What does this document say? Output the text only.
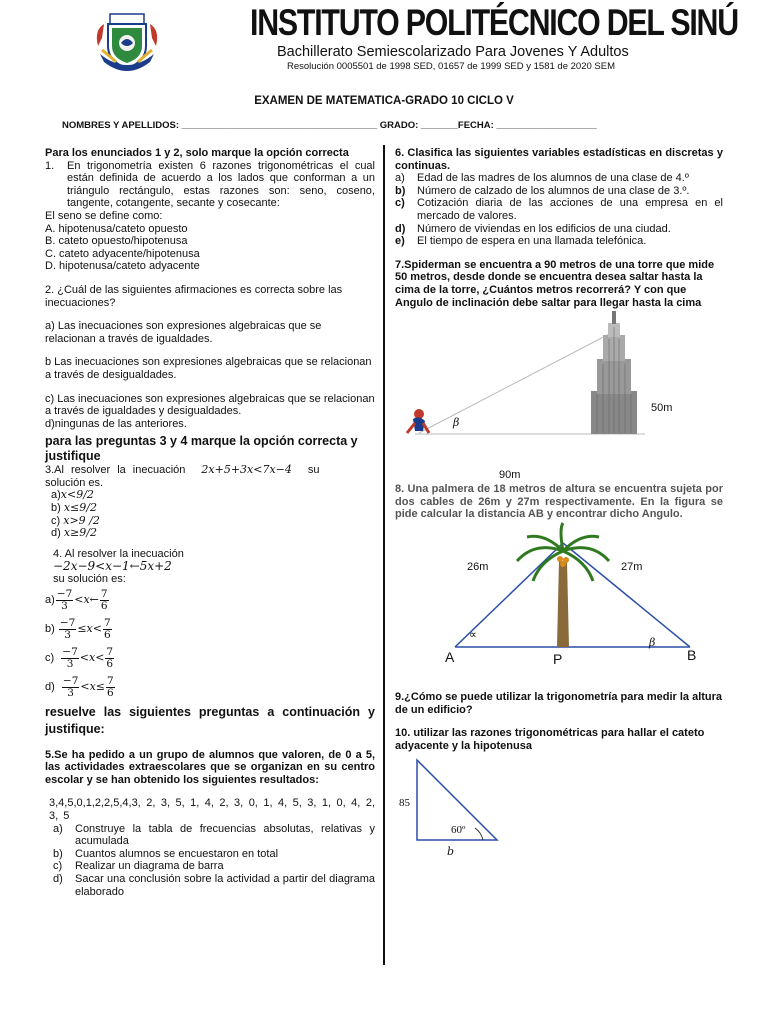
INSTITUTO POLITÉCNICO DEL SINÚ
Bachillerato Semiescolarizado Para Jovenes Y Adultos
Resolución 0005501 de 1998 SED, 01657 de 1999 SED y 1581 de 2020 SEM
EXAMEN DE MATEMATICA-GRADO 10 CICLO V
NOMBRES Y APELLIDOS: _____________________________________ GRADO: _______FECHA: ___________________

Para los enunciados 1 y 2, solo marque la opción correcta

1.	En trigonometría existen 6 razones trigonométricas el cual están definida de acuerdo a los lados que conforman a un triángulo rectángulo, estas razones son: seno, coseno, tangente, cotangente, secante y cosecante:

El seno se define como:

A. hipotenusa/cateto opuesto

B. cateto opuesto/hipotenusa

C. cateto adyacente/hipotenusa

D. hipotenusa/cateto adyacente

2. ¿Cuál de las siguientes afirmaciones es correcta sobre las inecuaciones?

a) Las inecuaciones son expresiones algebraicas que se relacionan a través de igualdades.

b Las inecuaciones son expresiones algebraicas que se relacionan a través de desigualdades.

c) Las inecuaciones son expresiones algebraicas que se relacionan a través de igualdades y desigualdades.

d)ningunas de las anteriores.

para las preguntas 3 y 4 marque la opción correcta y justifique

3.Al resolver la inecuación 2x+5+3x<7x−4 su

solución es.

a)x<9/2

b) x≤9/2

c) x>9 /2

d) x≥9/2

4. Al resolver la inecuación

−2x−9<x−1←5x+2

su solución es:

$a) \frac{-7}{3}$ <x← $\frac{7}{6}$
b)
$\frac{-7}{3} \le x< \frac{7}{6}$
c)
$\frac{-7}{3} <x< \frac{7}{6}$
d)
$\frac{-7}{3} <x\le \frac{7}{6}$

resuelve las siguientes preguntas a continuación y justifique:

5.Se ha pedido a un grupo de alumnos que valoren, de 0 a 5, las actividades extraescolares que se organizan en su centro escolar y se han obtenido los siguientes resultados:

3,4,5,0,1,2,2,5,4,3, 2, 3, 5, 1, 4, 2, 3, 0, 1, 4, 5, 3, 1, 0, 4, 2, 3, 5

a)	Construye la tabla de frecuencias absolutas, relativas y acumulada
b)	Cuantos alumnos se encuestaron en total
c)	Realizar un diagrama de barra
d)	Sacar una conclusión sobre la actividad a partir del diagrama elaborado

6. Clasifica las siguientes variables estadísticas en discretas y continuas.

a)	Edad de las madres de los alumnos de una clase de 4.º
b)	Número de calzado de los alumnos de una clase de 3.º.
c)	Cotización diaria de las acciones de una empresa en el mercado de valores.
d)	Número de viviendas en los edificios de una ciudad.
e)	El tiempo de espera en una llamada telefónica.

7.Spiderman se encuentra a 90 metros de una torre que mide 50 metros, desde donde se encuentra desea saltar hasta la cima de la torre, ¿Cuántos metros recorrerá? Y con que Angulo de inclinación debe saltar para llegar hasta la cima

50m
90m
β

8. Una palmera de 18 metros de altura se encuentra sujeta por dos cables de 26m y 27m respectivamente. En la figura se pide calcular la distancia AB y encontrar dicho Angulo.

26m	27m
∝
β
A	P	B

9.¿Cómo se puede utilizar la trigonometría para medir la altura de un edificio?

10. utilizar las razones trigonométricas para hallar el cateto adyacente y la hipotenusa

85
60º
b
